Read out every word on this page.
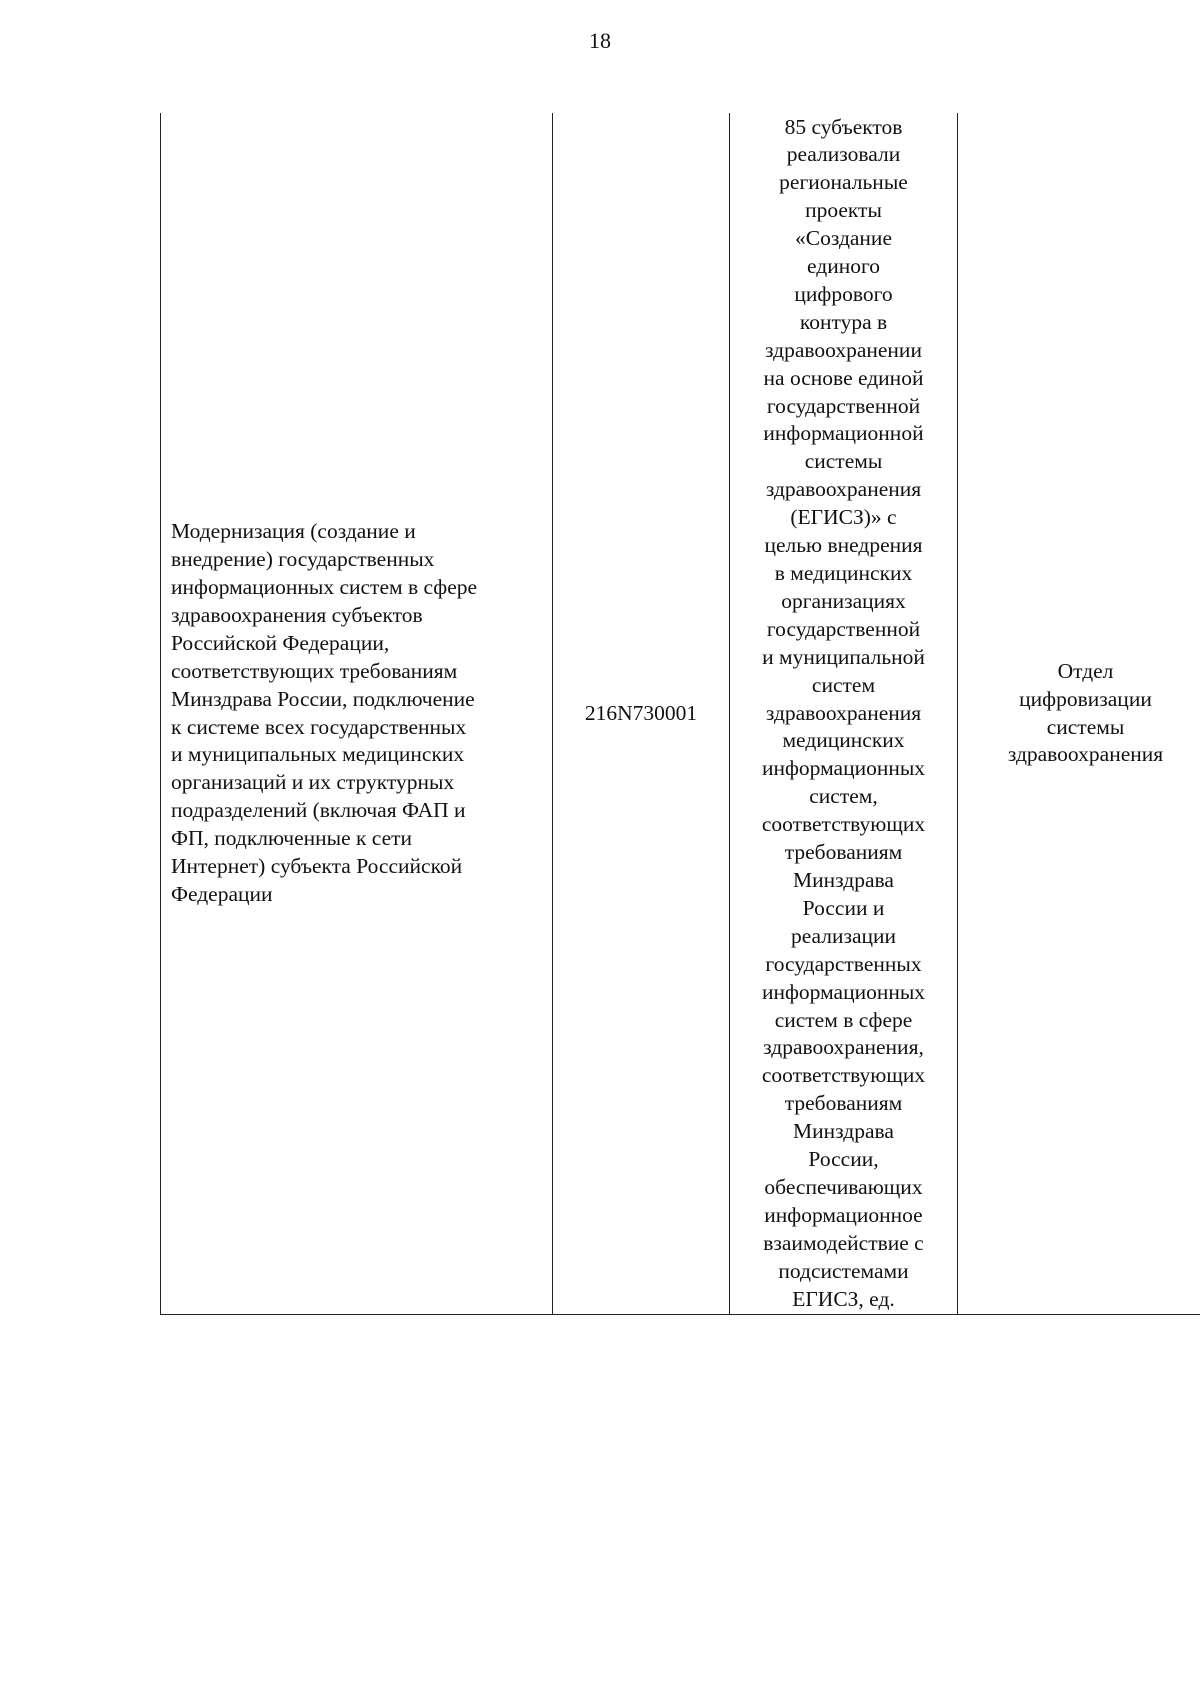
18
Модернизация (создание и
внедрение) государственных
информационных систем в сфере
здравоохранения субъектов
Российской Федерации,
соответствующих требованиям
Минздрава России, подключение
к системе всех государственных
и муниципальных медицинских
организаций и их структурных
подразделений (включая ФАП и
ФП, подключенные к сети
Интернет) субъекта Российской
Федерации

216N730001

85 субъектов
реализовали
региональные
проекты
«Создание
единого
цифрового
контура в
здравоохранении
на основе единой
государственной
информационной
системы
здравоохранения
(ЕГИСЗ)» с
целью внедрения
в медицинских
организациях
государственной
и муниципальной
систем
здравоохранения
медицинских
информационных
систем,
соответствующих
требованиям
Минздрава
России и
реализации
государственных
информационных
систем в сфере
здравоохранения,
соответствующих
требованиям
Минздрава
России,
обеспечивающих
информационное
взаимодействие с
подсистемами
ЕГИСЗ, ед.

Отдел
цифровизации
системы
здравоохранения
